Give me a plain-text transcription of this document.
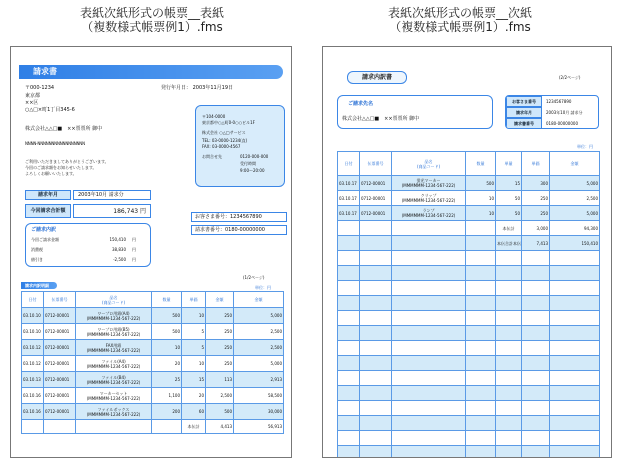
表紙次紙形式の帳票__表紙
（複数様式帳票例1）.fms
表紙次紙形式の帳票__次紙
（複数様式帳票例1）.fms
請求書
発行年月日： 2003年11月19日
〒000-1234
東京都
××区
○△□×町1丁目345-6
株式会社△△□■　××票票所 御中
NNNN-NNNNNNNNNNNNNNNNN
ご利用いただきましてありがとうございます。
今回のご請求額をお知らせいたします。
よろしくお願いいたします。
〒104-0000
東京都中○△町0-0○○ビル1F
株式会社 ○△□サービス
TEL: 03-0000-1234(直)
FAX: 03-0000-4567
お問合せ先	0120-000-000
受付時間
9:00～20:00
請求年月	2003年10月 請求分
今回請求合計額	186,743 円
お客さま番号：1234567890
請求書番号：0180-00000000
ご請求内訳
今回ご請求金額	150,410 円
消費税	38,830 円
値引き	-2,500 円
(1/2ページ)
請求内訳明細	単位：円
日付	伝票番号	品名
(商品コード)	数量	単価	金額	金額
03.10.10	0712-00001	ワープロ用紙(A4)
(MMMMMM-1234-567-222)	500	10	250	5,000
03.10.10	0712-00001	ワープロ用紙(B5)
(MMMMMM-1234-567-222)	500	5	250	2,500
03.10.12	0712-00001	FAX用紙
(MMMMMM-1234-567-222)	10	5	250	2,500
03.10.12	0712-00001	ファイル(A4)
(MMMMMM-1234-567-222)	20	10	250	5,000
03.10.13	0712-00001	ファイル(B4)
(MMMMMM-1234-567-222)	25	15	113	2,913
03.10.16	0712-00001	マーカーセット
(MMMMMM-1234-567-222)	1,100	20	2,500	58,500
03.10.16	0712-00001	ファイルボックス
(MMMMMM-1234-567-222)	200	60	500	30,000
				本伝計	4,413	56,913
請求内訳書	(2/2ページ)
ご請求先名
株式会社△△□■　××票票所 御中
お客さま番号	1234567890
請求年月	2003年10月 請求分
請求書番号	0180-00000000
単位：円
日付	伝票番号	品名
(商品コード)	数量	単量	単価	金額
03.10.17	0712-00001	蛍光マーカー
(MMMMMM-1234-567-222)	500	15	300	5,000
03.10.17	0712-00001	クリップ
(MMMMMM-1234-567-222)	10	50	250	2,500
03.10.17	0712-00001	ランプ
(MMMMMM-1234-567-222)	10	50	250	5,000
				本伝計	3,000	94,300
				本伝合計本伝	7,413	150,410
